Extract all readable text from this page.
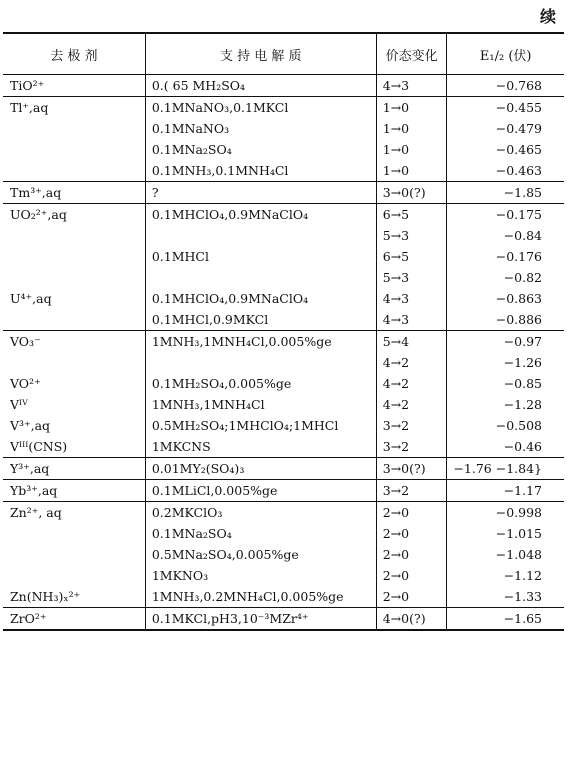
续
去 极 剂	支 持 电 解 质	价态变化	E₁/₂ (伏)
TiO²⁺	0.( 65 MH₂SO₄	4→3	−0.768
Tl⁺,aq	0.1MNaNO₃,0.1MKCl	1→0	−0.455
	0.1MNaNO₃	1→0	−0.479
	0.1MNa₂SO₄	1→0	−0.465
	0.1MNH₃,0.1MNH₄Cl	1→0	−0.463
Tm³⁺,aq	?	3→0(?)	−1.85
UO₂²⁺,aq	0.1MHClO₄,0.9MNaClO₄	6→5	−0.175
		5→3	−0.84
	0.1MHCl	6→5	−0.176
		5→3	−0.82
U⁴⁺,aq	0.1MHClO₄,0.9MNaClO₄	4→3	−0.863
	0.1MHCl,0.9MKCl	4→3	−0.886
VO₃⁻	1MNH₃,1MNH₄Cl,0.005%ge	5→4	−0.97
		4→2	−1.26
VO²⁺	0.1MH₂SO₄,0.005%ge	4→2	−0.85
Vᴵⱽ	1MNH₃,1MNH₄Cl	4→2	−1.28
V³⁺,aq	0.5MH₂SO₄;1MHClO₄;1MHCl	3→2	−0.508
Vᴵᴵᴵ(CNS)	1MKCNS	3→2	−0.46
Y³⁺,aq	0.01MY₂(SO₄)₃	3→0(?)	−1.76 −1.84}
Yb³⁺,aq	0.1MLiCl,0.005%ge	3→2	−1.17
Zn²⁺, aq	0.2MKClO₃	2→0	−0.998
	0.1MNa₂SO₄	2→0	−1.015
	0.5MNa₂SO₄,0.005%ge	2→0	−1.048
	1MKNO₃	2→0	−1.12
Zn(NH₃)ₓ²⁺	1MNH₃,0.2MNH₄Cl,0.005%ge	2→0	−1.33
ZrO²⁺	0.1MKCl,pH3,10⁻³MZr⁴⁺	4→0(?)	−1.65
